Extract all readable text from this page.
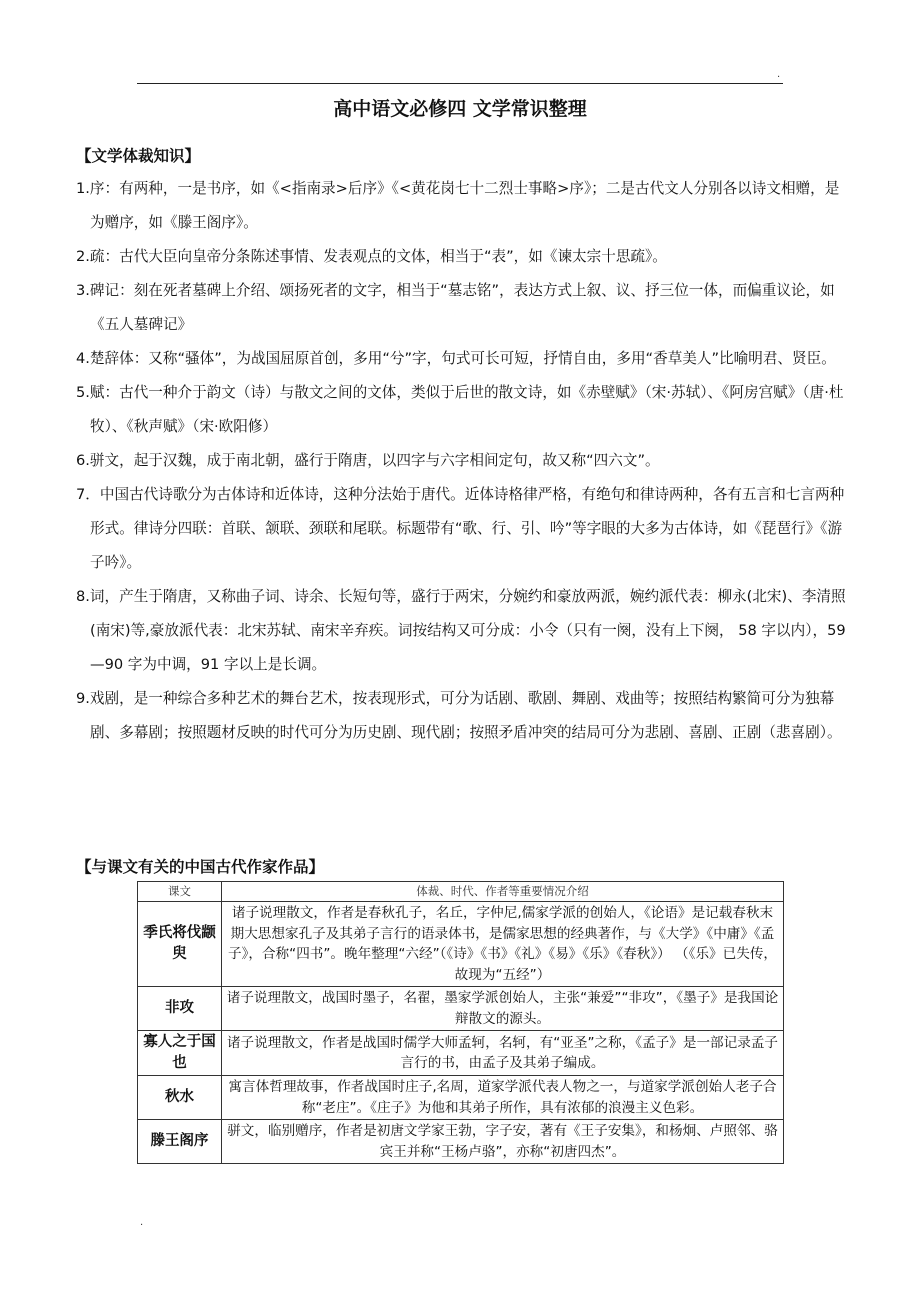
.
高中语文必修四 文学常识整理
【文学体裁知识】
1.序：有两种，一是书序，如《<指南录>后序》《<黄花岗七十二烈士事略>序》；二是古代文人分别各以诗文相赠，是为赠序，如《滕王阁序》。
2.疏：古代大臣向皇帝分条陈述事情、发表观点的文体，相当于“表”，如《谏太宗十思疏》。
3.碑记：刻在死者墓碑上介绍、颂扬死者的文字，相当于“墓志铭”，表达方式上叙、议、抒三位一体，而偏重议论，如《五人墓碑记》
4.楚辞体：又称“骚体”，为战国屈原首创，多用“兮”字，句式可长可短，抒情自由，多用“香草美人”比喻明君、贤臣。
5.赋：古代一种介于韵文（诗）与散文之间的文体，类似于后世的散文诗，如《赤壁赋》（宋·苏轼）、《阿房宫赋》（唐·杜牧）、《秋声赋》（宋·欧阳修）
6.骈文，起于汉魏，成于南北朝，盛行于隋唐，以四字与六字相间定句，故又称“四六文”。
7．中国古代诗歌分为古体诗和近体诗，这种分法始于唐代。近体诗格律严格，有绝句和律诗两种，各有五言和七言两种形式。律诗分四联：首联、颔联、颈联和尾联。标题带有“歌、行、引、吟”等字眼的大多为古体诗，如《琵琶行》《游子吟》。
8.词，产生于隋唐，又称曲子词、诗余、长短句等，盛行于两宋，分婉约和豪放两派，婉约派代表：柳永(北宋)、李清照(南宋)等,豪放派代表：北宋苏轼、南宋辛弃疾。词按结构又可分成：小令（只有一阕，没有上下阕， 58 字以内），59—90 字为中调，91 字以上是长调。
9.戏剧，是一种综合多种艺术的舞台艺术，按表现形式，可分为话剧、歌剧、舞剧、戏曲等；按照结构繁简可分为独幕剧、多幕剧；按照题材反映的时代可分为历史剧、现代剧；按照矛盾冲突的结局可分为悲剧、喜剧、正剧（悲喜剧）。
【与课文有关的中国古代作家作品】
课文	体裁、时代、作者等重要情况介绍
季氏将伐颛臾	诸子说理散文，作者是春秋孔子，名丘，字仲尼,儒家学派的创始人，《论语》是记载春秋末期大思想家孔子及其弟子言行的语录体书，是儒家思想的经典著作，与《大学》《中庸》《孟子》，合称“四书”。晚年整理“六经”（《诗》《书》《礼》《易》《乐》《春秋》） （《乐》已失传，故现为“五经”）
非攻	诸子说理散文，战国时墨子，名翟，墨家学派创始人，主张“兼爱”“非攻”，《墨子》是我国论辩散文的源头。
寡人之于国也	诸子说理散文，作者是战国时儒学大师孟轲，名轲，有“亚圣”之称，《孟子》是一部记录孟子言行的书，由孟子及其弟子编成。
秋水	寓言体哲理故事，作者战国时庄子,名周，道家学派代表人物之一，与道家学派创始人老子合称“老庄”。《庄子》为他和其弟子所作，具有浓郁的浪漫主义色彩。
滕王阁序	骈文，临别赠序，作者是初唐文学家王勃，字子安，著有《王子安集》，和杨炯、卢照邻、骆宾王并称“王杨卢骆”，亦称“初唐四杰”。
.
